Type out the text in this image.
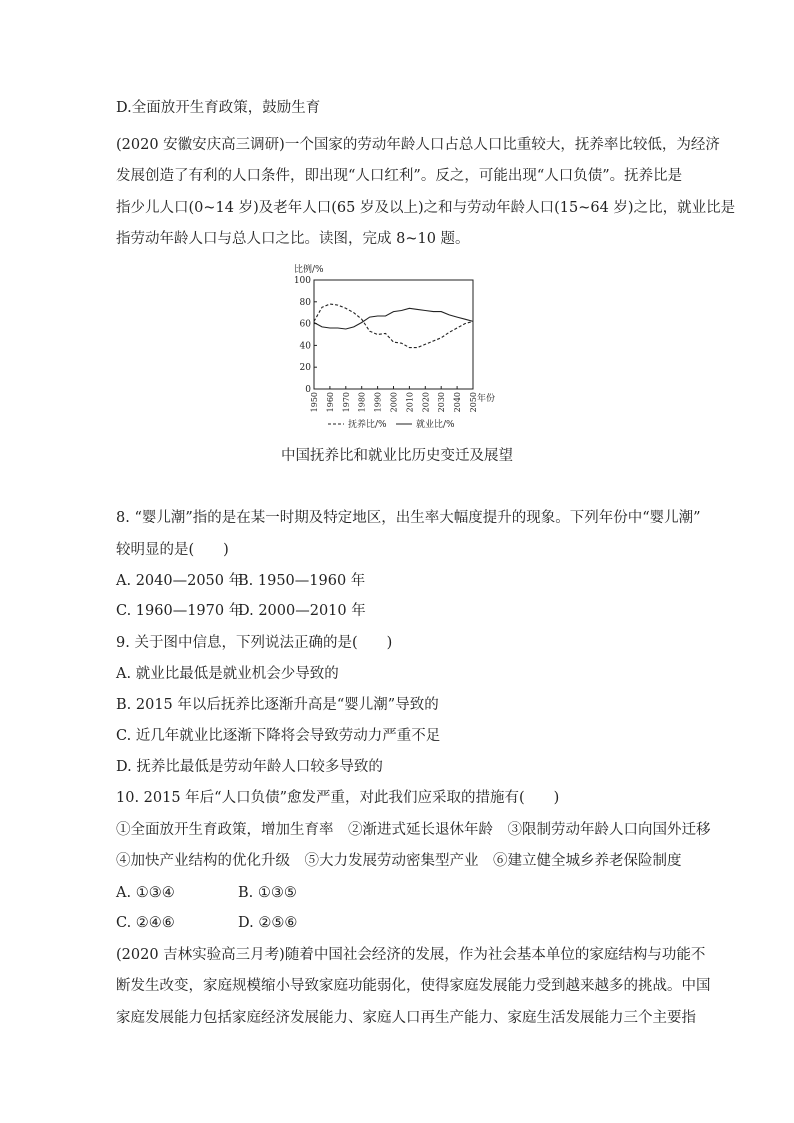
D.全面放开生育政策，鼓励生育
(2020 安徽安庆高三调研)一个国家的劳动年龄人口占总人口比重较大，抚养率比较低，为经济
发展创造了有利的人口条件，即出现“人口红利”。反之，可能出现“人口负债”。抚养比是
指少儿人口(0~14 岁)及老年人口(65 岁及以上)之和与劳动年龄人口(15~64 岁)之比，就业比是
指劳动年龄人口与总人口之比。读图，完成 8~10 题。
0
20
40
60
80
100
1950 1960 1970 1980 1990 2000 2010 2020 2030 2040 2050
比例/%
年份
抚养比/%	就业比/%
中国抚养比和就业比历史变迁及展望
8. “婴儿潮”指的是在某一时期及特定地区，出生率大幅度提升的现象。下列年份中“婴儿潮”
较明显的是(　　)
A. 2040—2050 年
B. 1950—1960 年
C. 1960—1970 年
D. 2000—2010 年
9. 关于图中信息，下列说法正确的是(　　)
A. 就业比最低是就业机会少导致的
B. 2015 年以后抚养比逐渐升高是“婴儿潮”导致的
C. 近几年就业比逐渐下降将会导致劳动力严重不足
D. 抚养比最低是劳动年龄人口较多导致的
10. 2015 年后“人口负债”愈发严重，对此我们应采取的措施有(　　)
①全面放开生育政策，增加生育率　②渐进式延长退休年龄　③限制劳动年龄人口向国外迁移
④加快产业结构的优化升级　⑤大力发展劳动密集型产业　⑥建立健全城乡养老保险制度
A. ①③④	B. ①③⑤
C. ②④⑥	D. ②⑤⑥
(2020 吉林实验高三月考)随着中国社会经济的发展，作为社会基本单位的家庭结构与功能不
断发生改变，家庭规模缩小导致家庭功能弱化，使得家庭发展能力受到越来越多的挑战。中国
家庭发展能力包括家庭经济发展能力、家庭人口再生产能力、家庭生活发展能力三个主要指
